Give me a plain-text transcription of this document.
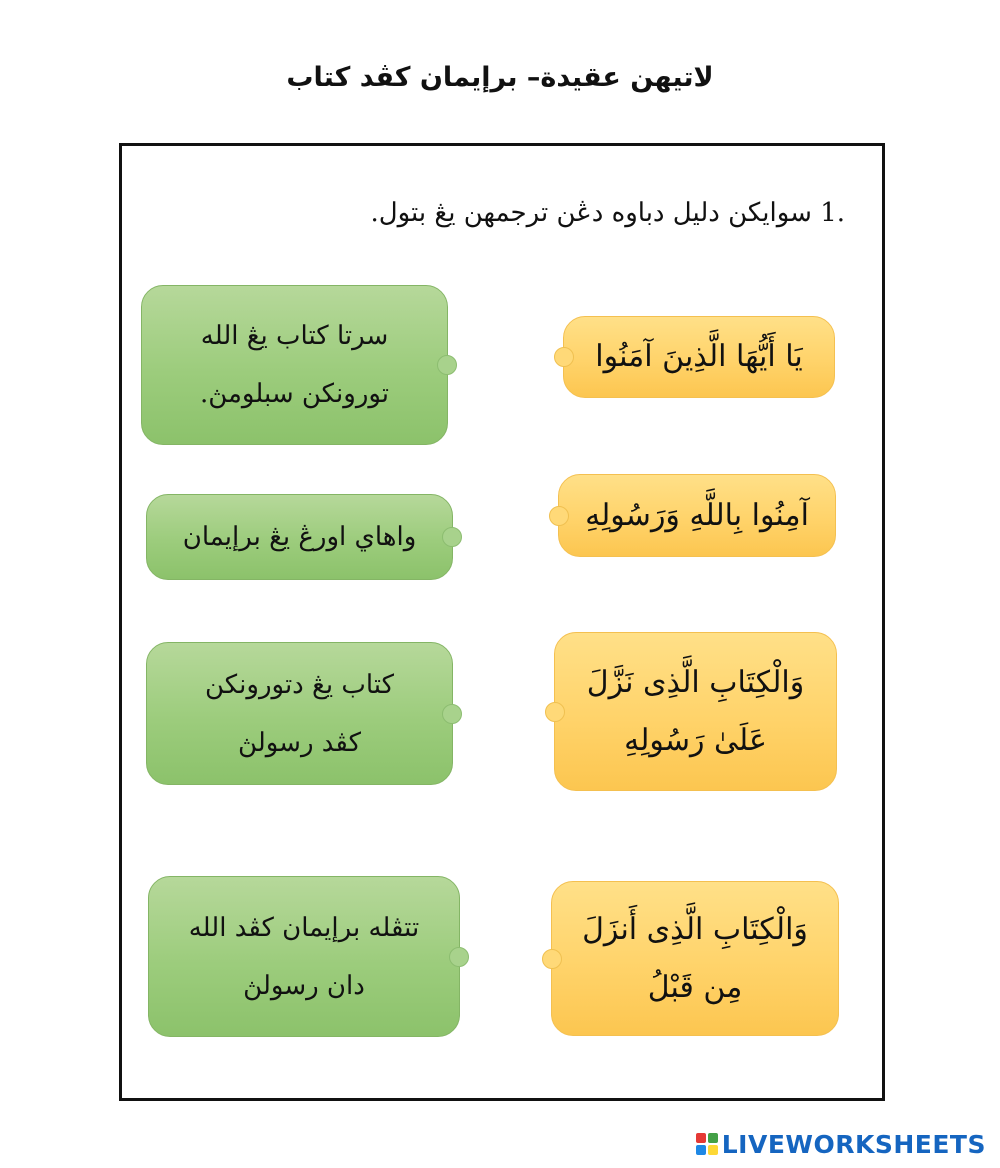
لاتيهن عقيدة– برإيمان كڤد كتاب
1. سوايكن دليل دباوه دڠن ترجمهن يڠ بتول.
سرتا كتاب يڠ الله
تورونكن سبلومڽ.
واهاي اورڠ يڠ برإيمان
كتاب يڠ دتورونكن
كڤد رسولڽ
تتڤله برإيمان كڤد الله
دان رسولڽ
يَا أَيُّهَا الَّذِينَ آمَنُوا
آمِنُوا بِاللَّهِ وَرَسُولِهِ
وَالْكِتَابِ الَّذِى نَزَّلَ
عَلَىٰ رَسُولِهِ
وَالْكِتَابِ الَّذِى أَنزَلَ
مِن قَبْلُ
LIVEWORKSHEETS
